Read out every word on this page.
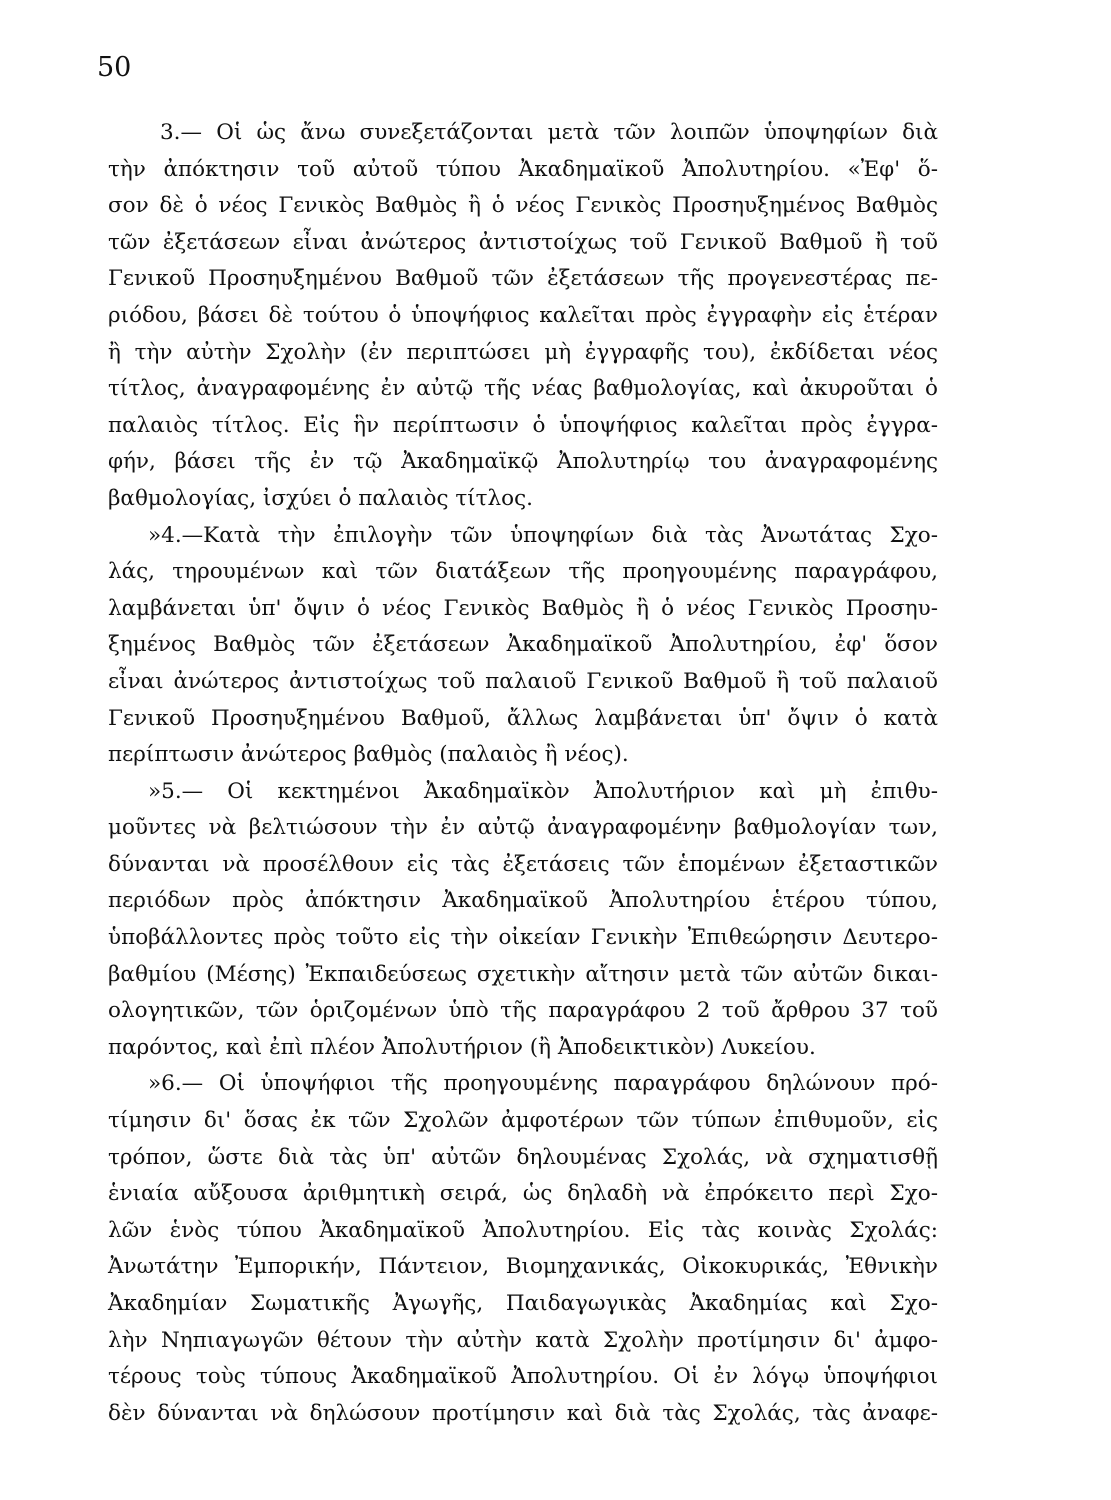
50

3.— Οἱ ὡς ἄνω συνεξετάζονται μετὰ τῶν λοιπῶν ὑποψηφίων διὰ
τὴν ἀπόκτησιν τοῦ αὐτοῦ τύπου Ἀκαδημαϊκοῦ Ἀπολυτηρίου. «Ἐφ' ὅ-
σον δὲ ὁ νέος Γενικὸς Βαθμὸς ἢ ὁ νέος Γενικὸς Προσηυξημένος Βαθμὸς
τῶν ἐξετάσεων εἶναι ἀνώτερος ἀντιστοίχως τοῦ Γενικοῦ Βαθμοῦ ἢ τοῦ
Γενικοῦ Προσηυξημένου Βαθμοῦ τῶν ἐξετάσεων τῆς προγενεστέρας πε-
ριόδου, βάσει δὲ τούτου ὁ ὑποψήφιος καλεῖται πρὸς ἐγγραφὴν εἰς ἑτέραν
ἢ τὴν αὐτὴν Σχολὴν (ἐν περιπτώσει μὴ ἐγγραφῆς του), ἐκδίδεται νέος
τίτλος, ἀναγραφομένης ἐν αὐτῷ τῆς νέας βαθμολογίας, καὶ ἀκυροῦται ὁ
παλαιὸς τίτλος. Εἰς ἣν περίπτωσιν ὁ ὑποψήφιος καλεῖται πρὸς ἐγγρα-
φήν, βάσει τῆς ἐν τῷ Ἀκαδημαϊκῷ Ἀπολυτηρίῳ του ἀναγραφομένης
βαθμολογίας, ἰσχύει ὁ παλαιὸς τίτλος.
»4.—Κατὰ τὴν ἐπιλογὴν τῶν ὑποψηφίων διὰ τὰς Ἀνωτάτας Σχο-
λάς, τηρουμένων καὶ τῶν διατάξεων τῆς προηγουμένης παραγράφου,
λαμβάνεται ὑπ' ὄψιν ὁ νέος Γενικὸς Βαθμὸς ἢ ὁ νέος Γενικὸς Προσηυ-
ξημένος Βαθμὸς τῶν ἐξετάσεων Ἀκαδημαϊκοῦ Ἀπολυτηρίου, ἐφ' ὅσον
εἶναι ἀνώτερος ἀντιστοίχως τοῦ παλαιοῦ Γενικοῦ Βαθμοῦ ἢ τοῦ παλαιοῦ
Γενικοῦ Προσηυξημένου Βαθμοῦ, ἄλλως λαμβάνεται ὑπ' ὄψιν ὁ κατὰ
περίπτωσιν ἀνώτερος βαθμὸς (παλαιὸς ἢ νέος).
»5.— Οἱ κεκτημένοι Ἀκαδημαϊκὸν Ἀπολυτήριον καὶ μὴ ἐπιθυ-
μοῦντες νὰ βελτιώσουν τὴν ἐν αὐτῷ ἀναγραφομένην βαθμολογίαν των,
δύνανται νὰ προσέλθουν εἰς τὰς ἐξετάσεις τῶν ἑπομένων ἐξεταστικῶν
περιόδων πρὸς ἀπόκτησιν Ἀκαδημαϊκοῦ Ἀπολυτηρίου ἑτέρου τύπου,
ὑποβάλλοντες πρὸς τοῦτο εἰς τὴν οἰκείαν Γενικὴν Ἐπιθεώρησιν Δευτερο-
βαθμίου (Μέσης) Ἐκπαιδεύσεως σχετικὴν αἴτησιν μετὰ τῶν αὐτῶν δικαι-
ολογητικῶν, τῶν ὁριζομένων ὑπὸ τῆς παραγράφου 2 τοῦ ἄρθρου 37 τοῦ
παρόντος, καὶ ἐπὶ πλέον Ἀπολυτήριον (ἢ Ἀποδεικτικὸν) Λυκείου.
»6.— Οἱ ὑποψήφιοι τῆς προηγουμένης παραγράφου δηλώνουν πρό-
τίμησιν δι' ὅσας ἐκ τῶν Σχολῶν ἀμφοτέρων τῶν τύπων ἐπιθυμοῦν, εἰς
τρόπον, ὥστε διὰ τὰς ὑπ' αὐτῶν δηλουμένας Σχολάς, νὰ σχηματισθῇ
ἑνιαία αὔξουσα ἀριθμητικὴ σειρά, ὡς δηλαδὴ νὰ ἐπρόκειτο περὶ Σχο-
λῶν ἑνὸς τύπου Ἀκαδημαϊκοῦ Ἀπολυτηρίου. Εἰς τὰς κοινὰς Σχολάς:
Ἀνωτάτην Ἐμπορικήν, Πάντειον, Βιομηχανικάς, Οἰκοκυρικάς, Ἐθνικὴν
Ἀκαδημίαν Σωματικῆς Ἀγωγῆς, Παιδαγωγικὰς Ἀκαδημίας καὶ Σχο-
λὴν Νηπιαγωγῶν θέτουν τὴν αὐτὴν κατὰ Σχολὴν προτίμησιν δι' ἀμφο-
τέρους τοὺς τύπους Ἀκαδημαϊκοῦ Ἀπολυτηρίου. Οἱ ἐν λόγῳ ὑποψήφιοι
δὲν δύνανται νὰ δηλώσουν προτίμησιν καὶ διὰ τὰς Σχολάς, τὰς ἀναφε-
